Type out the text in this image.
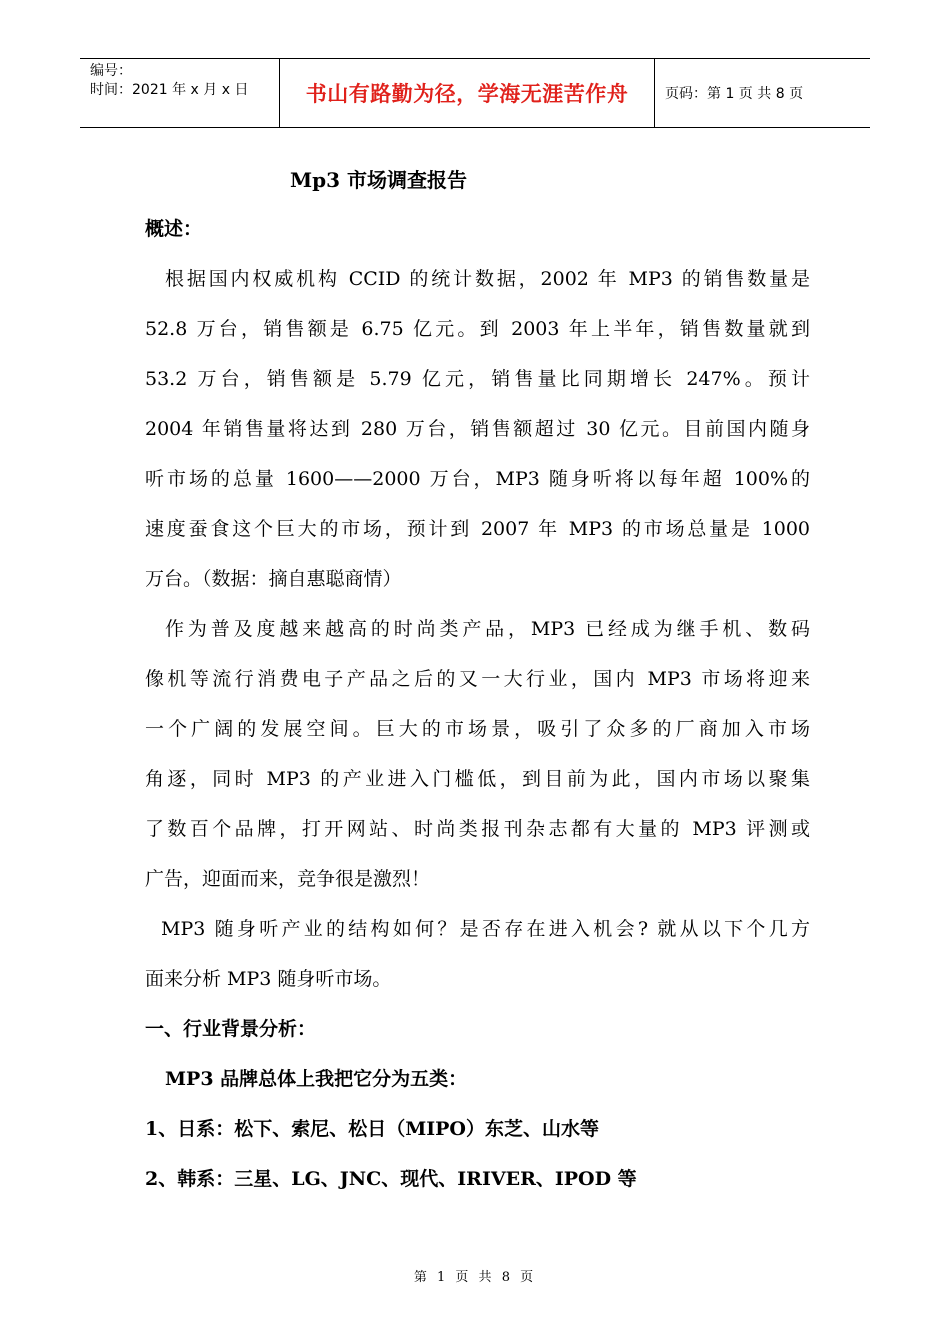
编号：
时间：2021 年 x 月 x 日	书山有路勤为径，学海无涯苦作舟	页码：第 1 页 共 8 页
Mp3 市场调查报告
概述：
根据国内权威机构 CCID 的统计数据，2002 年 MP3 的销售数量是
52.8 万台，销售额是 6.75 亿元。到 2003 年上半年，销售数量就到
53.2 万台，销售额是 5.79 亿元，销售量比同期增长 247%。预计
2004 年销售量将达到 280 万台，销售额超过 30 亿元。目前国内随身
听市场的总量 1600——2000 万台，MP3 随身听将以每年超 100%的
速度蚕食这个巨大的市场，预计到 2007 年 MP3 的市场总量是 1000
万台。（数据：摘自惠聪商情）
作为普及度越来越高的时尚类产品，MP3 已经成为继手机、数码
像机等流行消费电子产品之后的又一大行业，国内 MP3 市场将迎来
一个广阔的发展空间。巨大的市场景，吸引了众多的厂商加入市场
角逐，同时 MP3 的产业进入门槛低，到目前为此，国内市场以聚集
了数百个品牌，打开网站、时尚类报刊杂志都有大量的 MP3 评测或
广告，迎面而来，竞争很是激烈！
MP3 随身听产业的结构如何？是否存在进入机会? 就从以下个几方
面来分析 MP3 随身听市场。
一、行业背景分析：
MP3 品牌总体上我把它分为五类：
1、日系：松下、索尼、松日（MIPO）东芝、山水等
2、韩系：三星、LG、JNC、现代、IRIVER、IPOD 等
第 1 页 共 8 页
